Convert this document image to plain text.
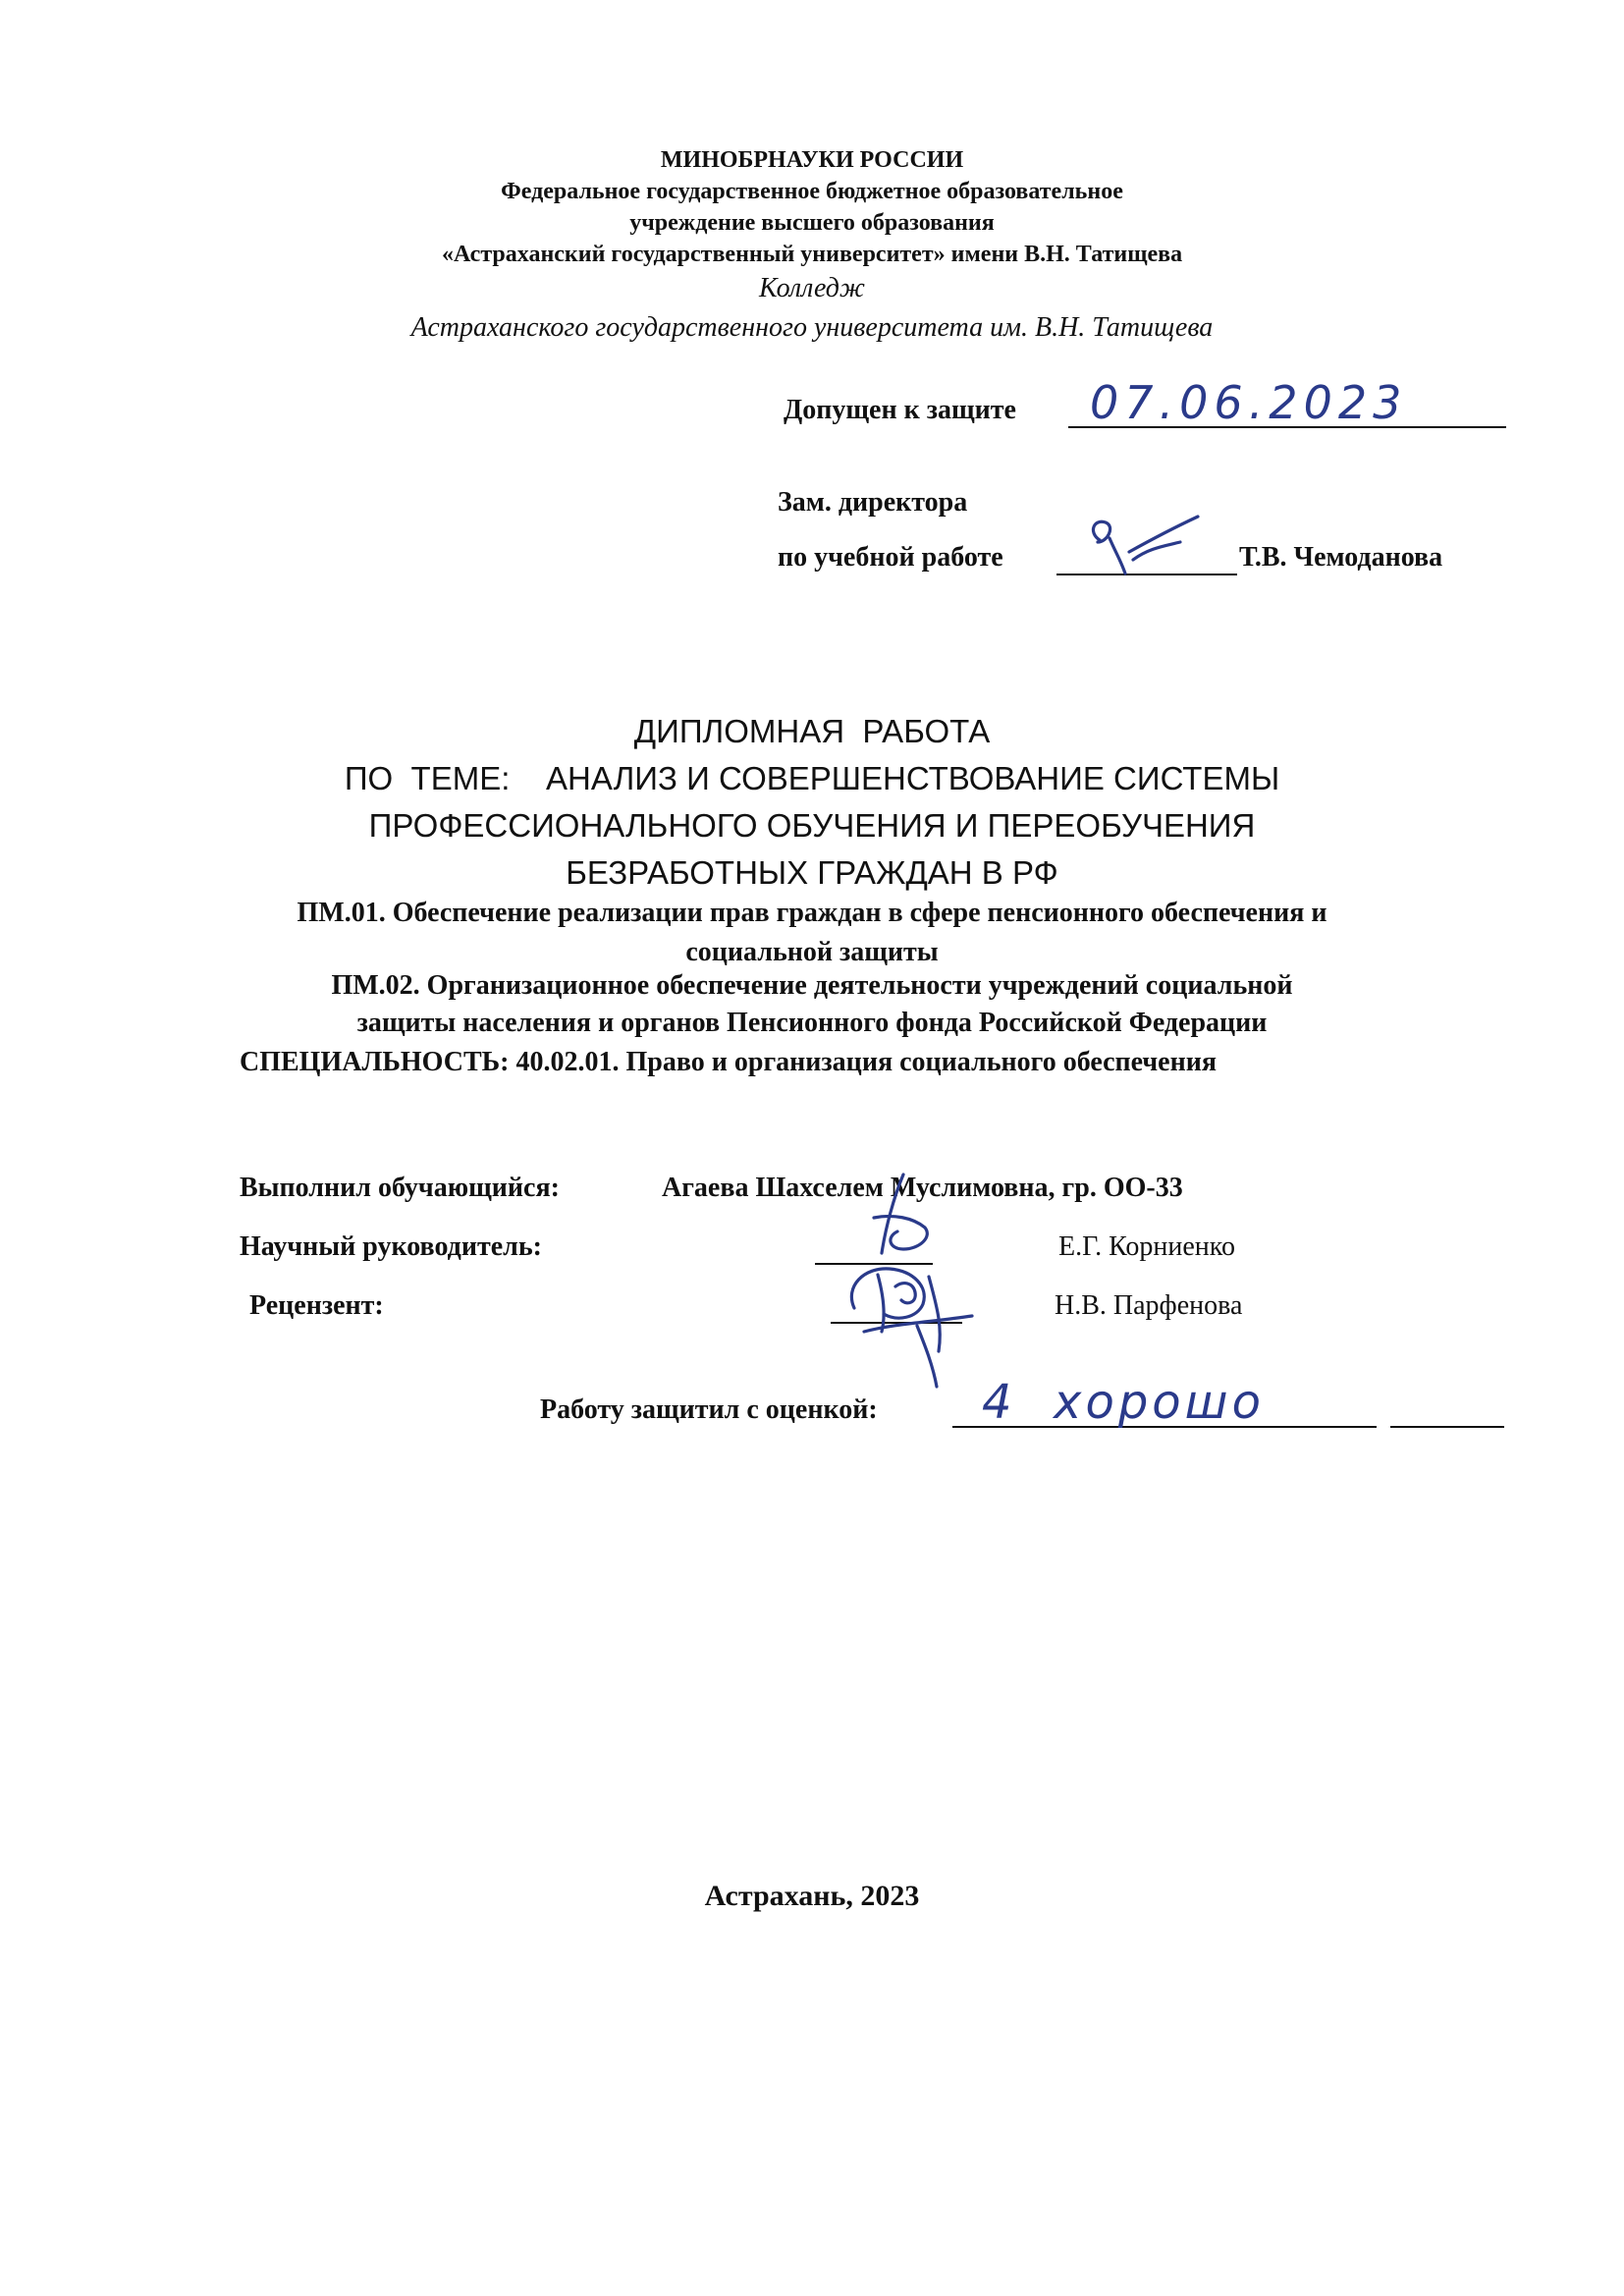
МИНОБРНАУКИ РОССИИ
Федеральное государственное бюджетное образовательное
учреждение высшего образования
«Астраханский государственный университет» имени В.Н. Татищева
Колледж
Астраханского государственного университета им. В.Н. Татищева
Допущен к защите 07.06.2023
Зам. директора
по учебной работе	Т.В. Чемоданова
ДИПЛОМНАЯ  РАБОТА
ПО  ТЕМЕ:    АНАЛИЗ И СОВЕРШЕНСТВОВАНИЕ СИСТЕМЫ
ПРОФЕССИОНАЛЬНОГО ОБУЧЕНИЯ И ПЕРЕОБУЧЕНИЯ
БЕЗРАБОТНЫХ ГРАЖДАН В РФ
ПМ.01. Обеспечение реализации прав граждан в сфере пенсионного обеспечения и
социальной защиты
ПМ.02. Организационное обеспечение деятельности учреждений социальной
защиты населения и органов Пенсионного фонда Российской Федерации
СПЕЦИАЛЬНОСТЬ: 40.02.01. Право и организация социального обеспечения
Выполнил обучающийся:	Агаева Шахселем Муслимовна, гр. ОО-33
Научный руководитель:	Е.Г. Корниенко
Рецензент:	Н.В. Парфенова
Работу защитил с оценкой: 4  хорошо
Астрахань, 2023
